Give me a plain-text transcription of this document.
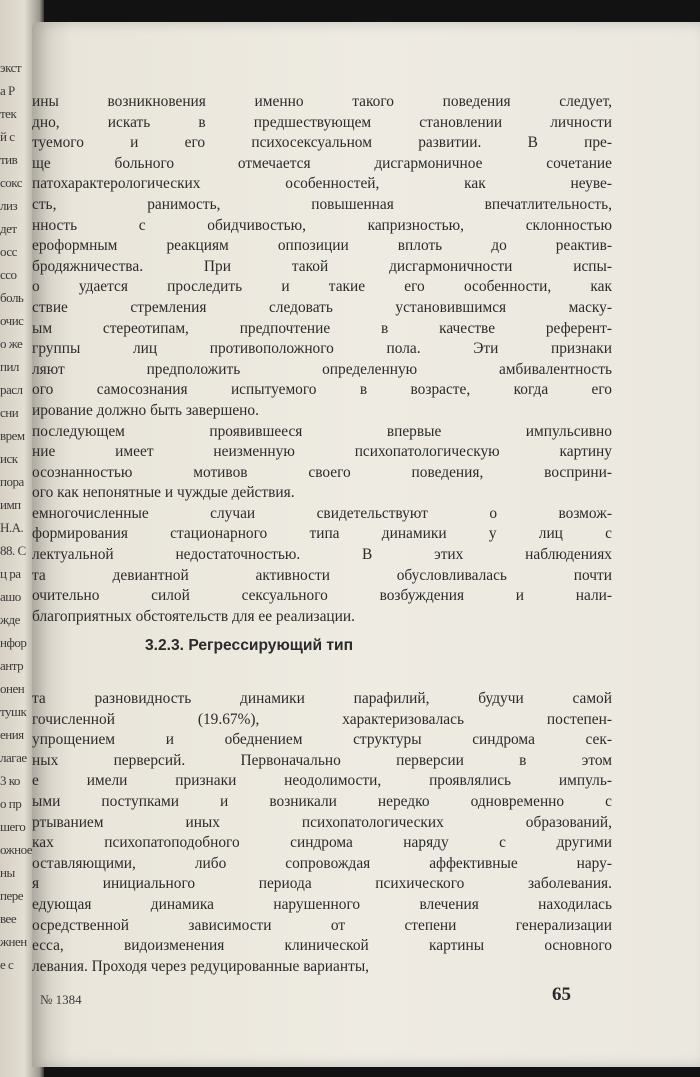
экст
а Р
тек
й с
тив
сокс
лиз
дет
осс
ссо
боль
очис
о же
пил
расл
сни
врем
иск
пора
имп
Н.А.
88. С
ц ра
ашо
жде
нфор
антр
онен
тушк
ения
лагае
3 ко
о пр
шего
ожное
ны
пере
вее
жнен
е с
ины возникновения именно такого поведения следует,
дно, искать в предшествующем становлении личности
туемого и его психосексуальном развитии. В пре-
ще больного отмечается дисгармоничное сочетание
патохарактерологических особенностей, как неуве-
сть, ранимость, повышенная впечатлительность,
нность с обидчивостью, капризностью, склонностью
ероформным реакциям оппозиции вплоть до реактив-
бродяжничества. При такой дисгармоничности испы-
о удается проследить и такие его особенности, как
ствие стремления следовать установившимся маску-
ым стереотипам, предпочтение в качестве референт-
группы лиц противоположного пола. Эти признаки
ляют предположить определенную амбивалентность
ого самосознания испытуемого в возрасте, когда его
ирование должно быть завершено.
последующем проявившееся впервые импульсивно
ние имеет неизменную психопатологическую картину
осознанностью мотивов своего поведения, восприни-
ого как непонятные и чуждые действия.
емногочисленные случаи свидетельствуют о возмож-
формирования стационарного типа динамики у лиц с
лектуальной недостаточностью. В этих наблюдениях
та девиантной активности обусловливалась почти
очительно силой сексуального возбуждения и нали-
благоприятных обстоятельств для ее реализации.
3.2.3. Регрессирующий тип
та разновидность динамики парафилий, будучи самой
гочисленной (19.67%), характеризовалась постепен-
упрощением и обеднением структуры синдрома сек-
ных перверсий. Первоначально перверсии в этом
е имели признаки неодолимости, проявлялись импуль-
ыми поступками и возникали нередко одновременно с
ртыванием иных психопатологических образований,
ках психопатоподобного синдрома наряду с другими
оставляющими, либо сопровождая аффективные нару-
я инициального периода психического заболевания.
едующая динамика нарушенного влечения находилась
осредственной зависимости от степени генерализации
есса, видоизменения клинической картины основного
левания. Проходя через редуцированные варианты,
№ 1384	65
